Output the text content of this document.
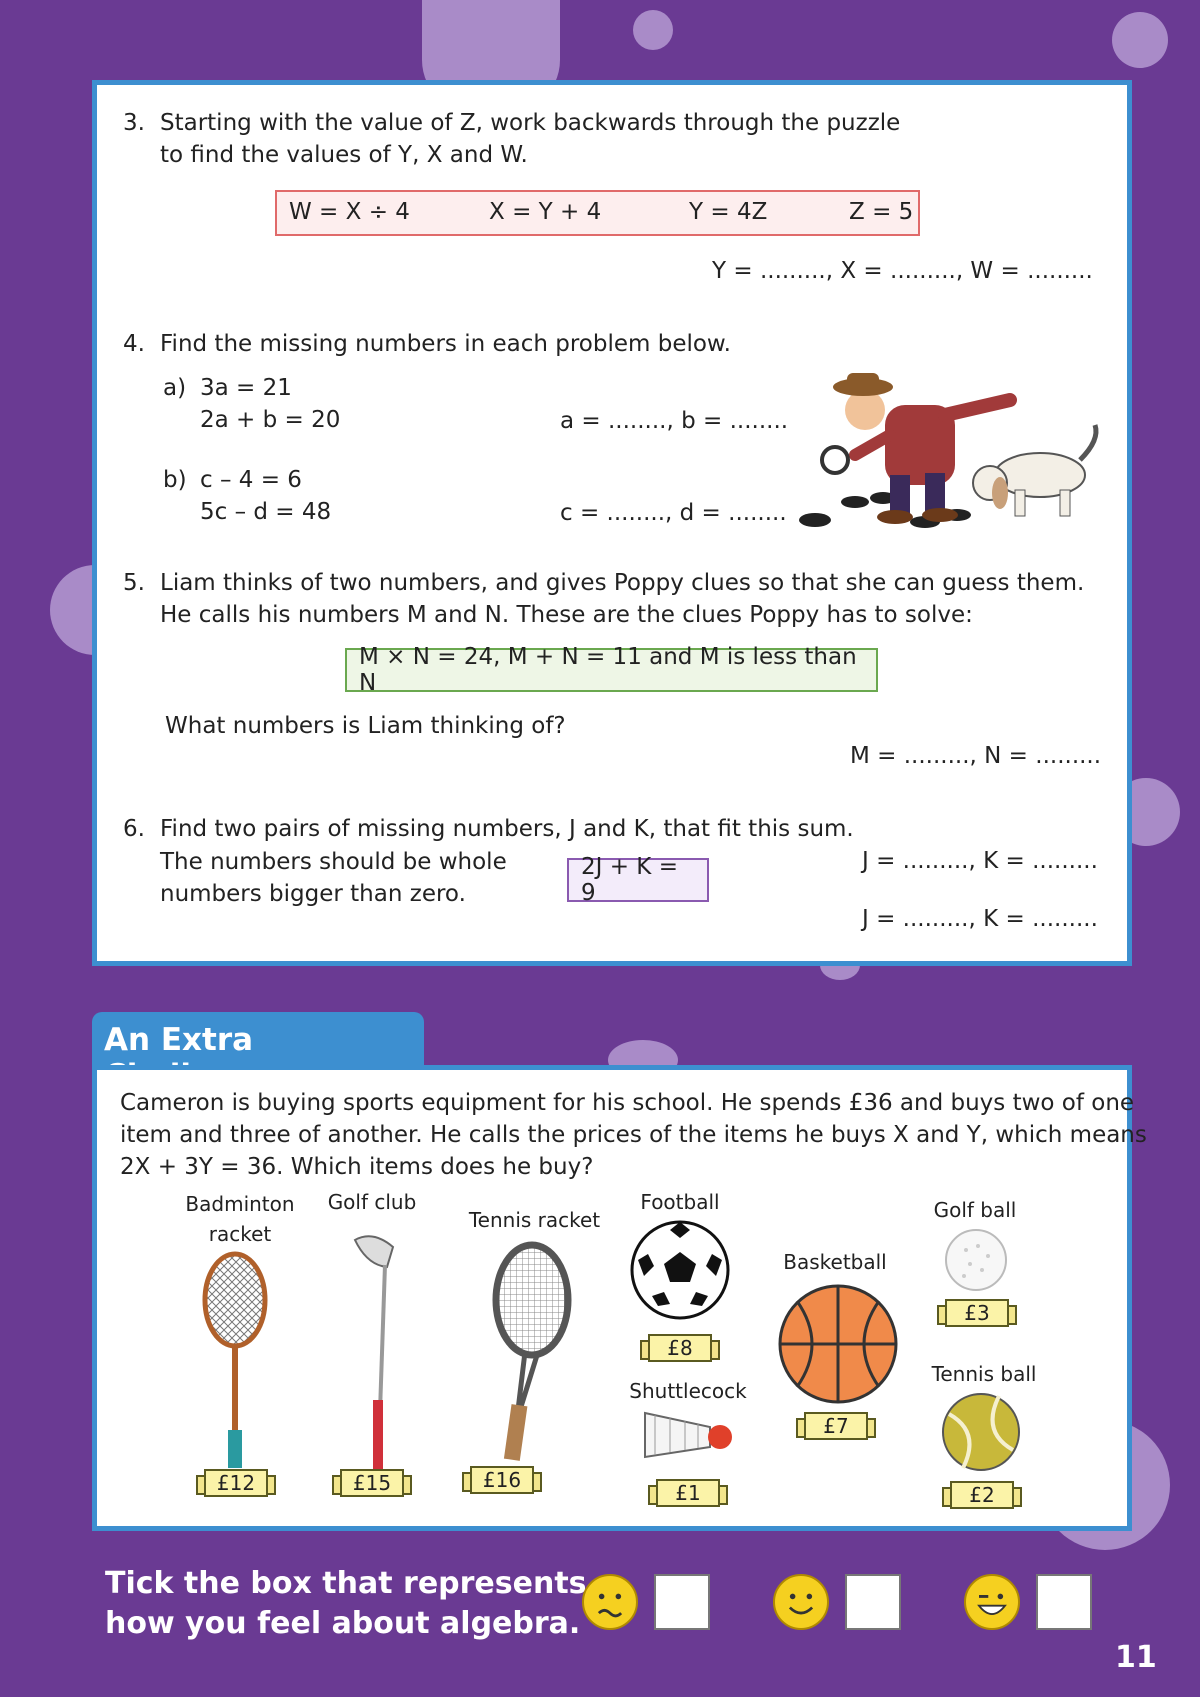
3. Starting with the value of Z, work backwards through the puzzle
to find the values of Y, X and W.
W = X ÷ 4	X = Y + 4	Y = 4Z	Z = 5
Y = ........., X = ........., W = .........
4. Find the missing numbers in each problem below.
a) 3a = 21
2a + b = 20	a = ........, b = ........
b) c – 4 = 6
5c – d = 48	c = ........, d = ........
5. Liam thinks of two numbers, and gives Poppy clues so that she can guess them.
He calls his numbers M and N. These are the clues Poppy has to solve:
M × N = 24, M + N = 11 and M is less than N
What numbers is Liam thinking of?
M = ........., N = .........
6. Find two pairs of missing numbers, J and K, that fit this sum.
The numbers should be whole
numbers bigger than zero.
2J + K = 9
J = ........., K = .........
J = ........., K = .........
An Extra
Cameron is buying sports equipment for his school. He spends £36 and buys two of one
item and three of another. He calls the prices of the items he buys X and Y, which means
2X + 3Y = 36. Which items does he buy?
Badminton
racket
£12
Golf club
£15
Tennis racket
£16
Football
£8
Shuttlecock
£1
Basketball
£7
Golf ball
£3
Tennis ball
£2
Tick the box that represents
how you feel about algebra.
11
